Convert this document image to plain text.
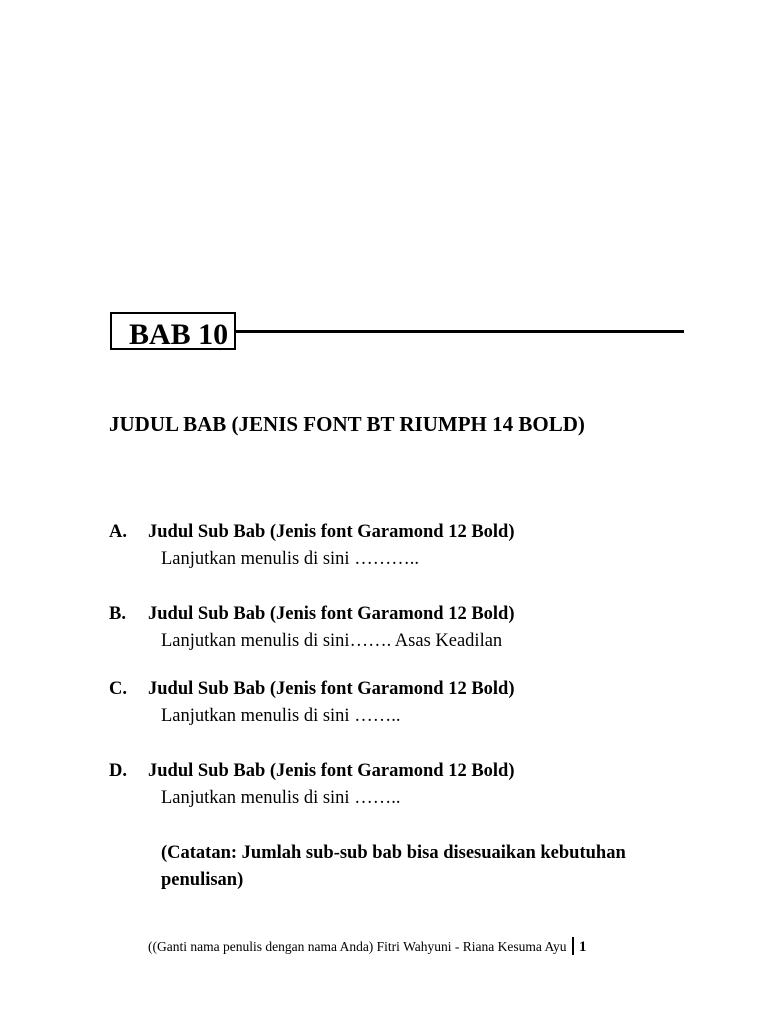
BAB 10
JUDUL BAB (JENIS FONT BT RIUMPH 14 BOLD)
A.	Judul Sub Bab (Jenis font Garamond 12 Bold)
Lanjutkan menulis di sini ………..
B.	Judul Sub Bab (Jenis font Garamond 12 Bold)
Lanjutkan menulis di sini……. Asas Keadilan
C.	Judul Sub Bab (Jenis font Garamond 12 Bold)
Lanjutkan menulis di sini ……..
D.	Judul Sub Bab (Jenis font Garamond 12 Bold)
Lanjutkan menulis di sini ……..
(Catatan: Jumlah sub-sub bab bisa disesuaikan kebutuhan penulisan)
((Ganti nama penulis dengan nama Anda) Fitri Wahyuni - Riana Kesuma Ayu 1
